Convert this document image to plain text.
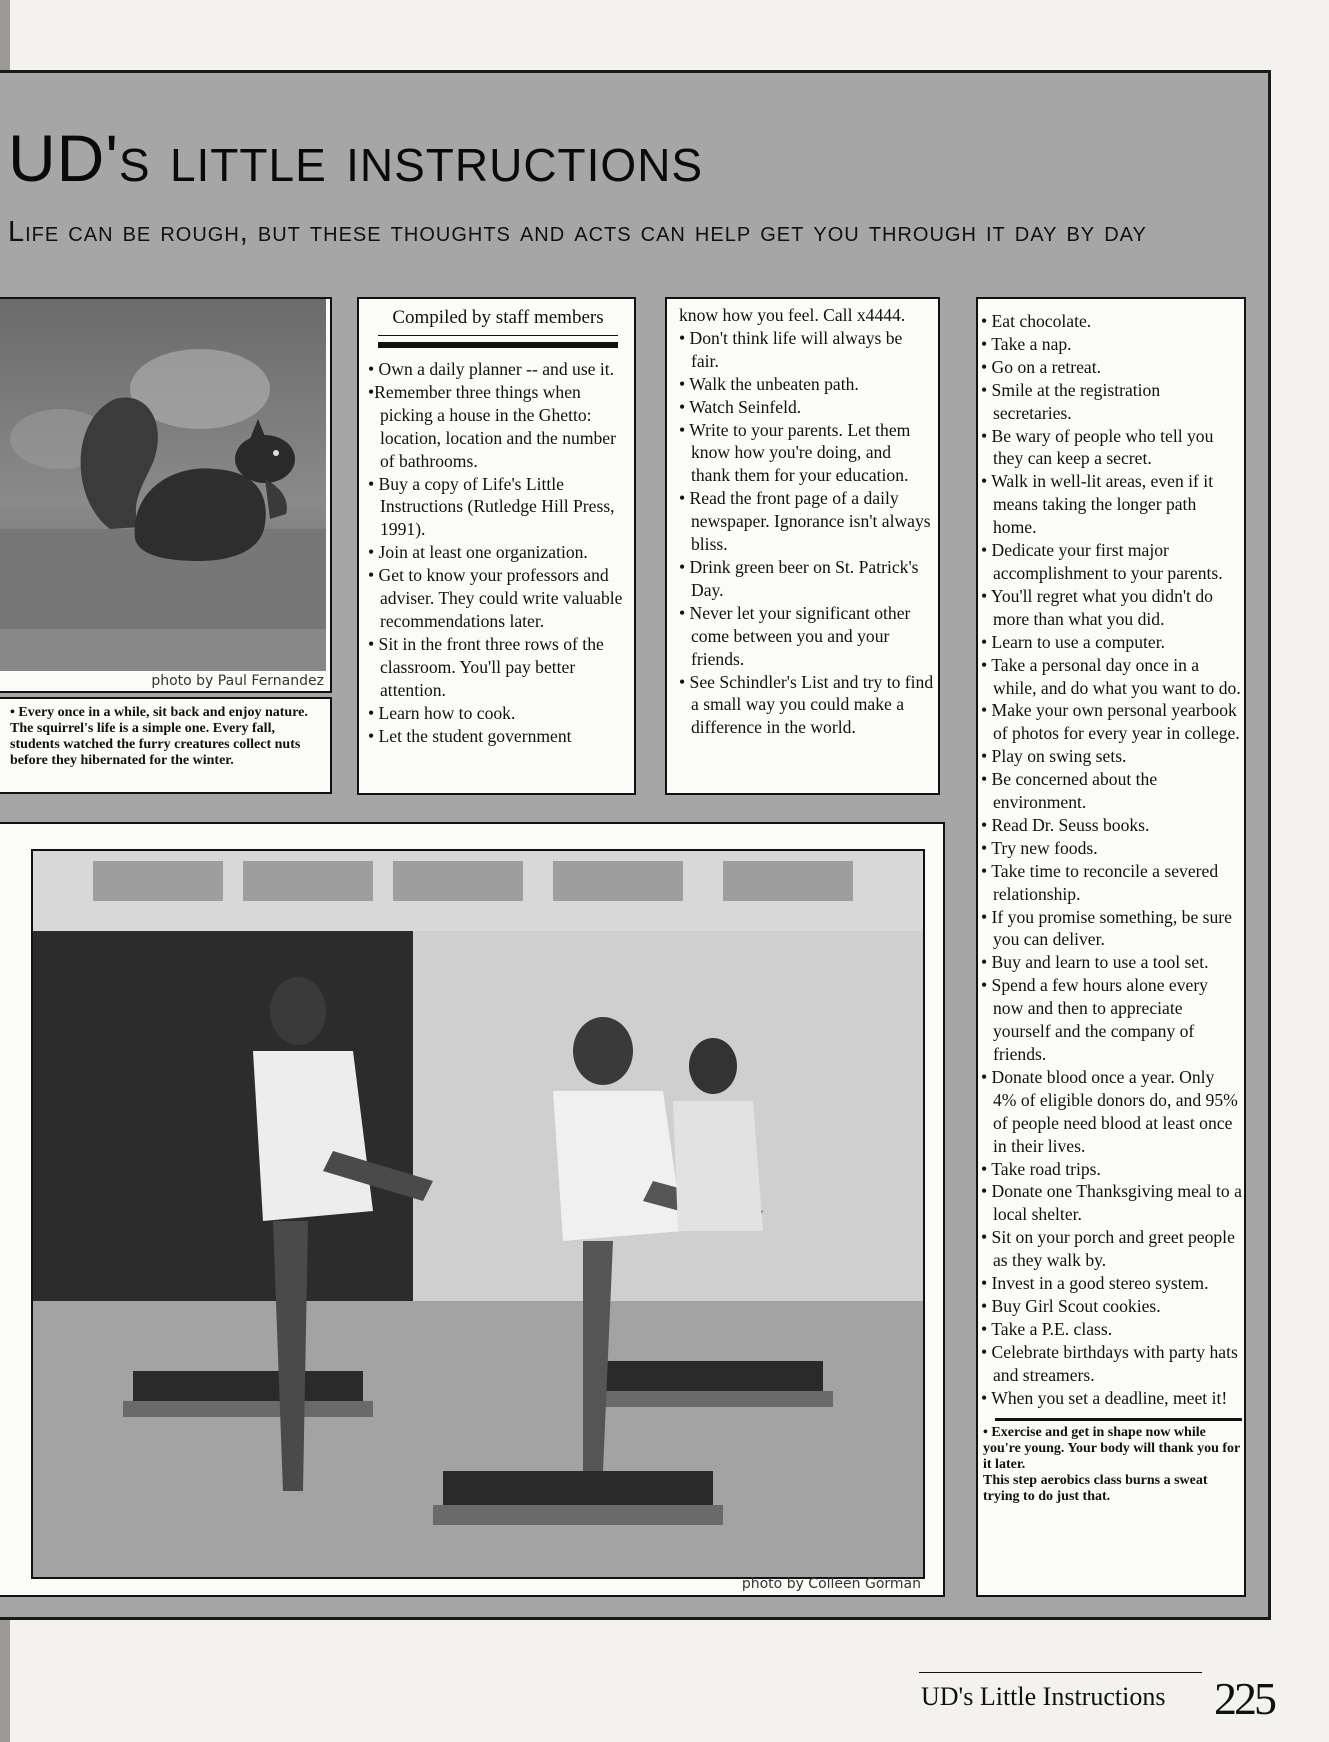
UD's little instructions
Life can be rough, but these thoughts and acts can help get you through it day by day
photo by Paul Fernandez
• Every once in a while, sit back and enjoy nature.
The squirrel's life is a simple one. Every fall, students watched the furry creatures collect nuts before they hibernated for the winter.
Compiled by staff members
• Own a daily planner -- and use it.
•Remember three things when picking a house in the Ghetto: location, location and the number of bathrooms.
• Buy a copy of Life's Little Instructions (Rutledge Hill Press, 1991).
• Join at least one organization.
• Get to know your professors and adviser. They could write valuable recommendations later.
• Sit in the front three rows of the classroom. You'll pay better attention.
• Learn how to cook.
• Let the student government
know how you feel. Call x4444.
• Don't think life will always be fair.
• Walk the unbeaten path.
• Watch Seinfeld.
• Write to your parents. Let them know how you're doing, and thank them for your education.
• Read the front page of a daily newspaper. Ignorance isn't always bliss.
• Drink green beer on St. Patrick's Day.
• Never let your significant other come between you and your friends.
• See Schindler's List and try to find a small way you could make a difference in the world.
• Eat chocolate.
• Take a nap.
• Go on a retreat.
• Smile at the registration secretaries.
• Be wary of people who tell you they can keep a secret.
• Walk in well-lit areas, even if it means taking the longer path home.
• Dedicate your first major accomplishment to your parents.
• You'll regret what you didn't do more than what you did.
• Learn to use a computer.
• Take a personal day once in a while, and do what you want to do.
• Make your own personal yearbook of photos for every year in college.
• Play on swing sets.
• Be concerned about the environment.
• Read Dr. Seuss books.
• Try new foods.
• Take time to reconcile a severed relationship.
• If you promise something, be sure you can deliver.
• Buy and learn to use a tool set.
• Spend a few hours alone every now and then to appreciate yourself and the company of friends.
• Donate blood once a year. Only 4% of eligible donors do, and 95% of people need blood at least once in their lives.
• Take road trips.
• Donate one Thanksgiving meal to a local shelter.
• Sit on your porch and greet people as they walk by.
• Invest in a good stereo system.
• Buy Girl Scout cookies.
• Take a P.E. class.
• Celebrate birthdays with party hats and streamers.
• When you set a deadline, meet it!
• Exercise and get in shape now while you're young. Your body will thank you for it later.
This step aerobics class burns a sweat trying to do just that.
photo by Colleen Gorman
UD's Little Instructions 225
